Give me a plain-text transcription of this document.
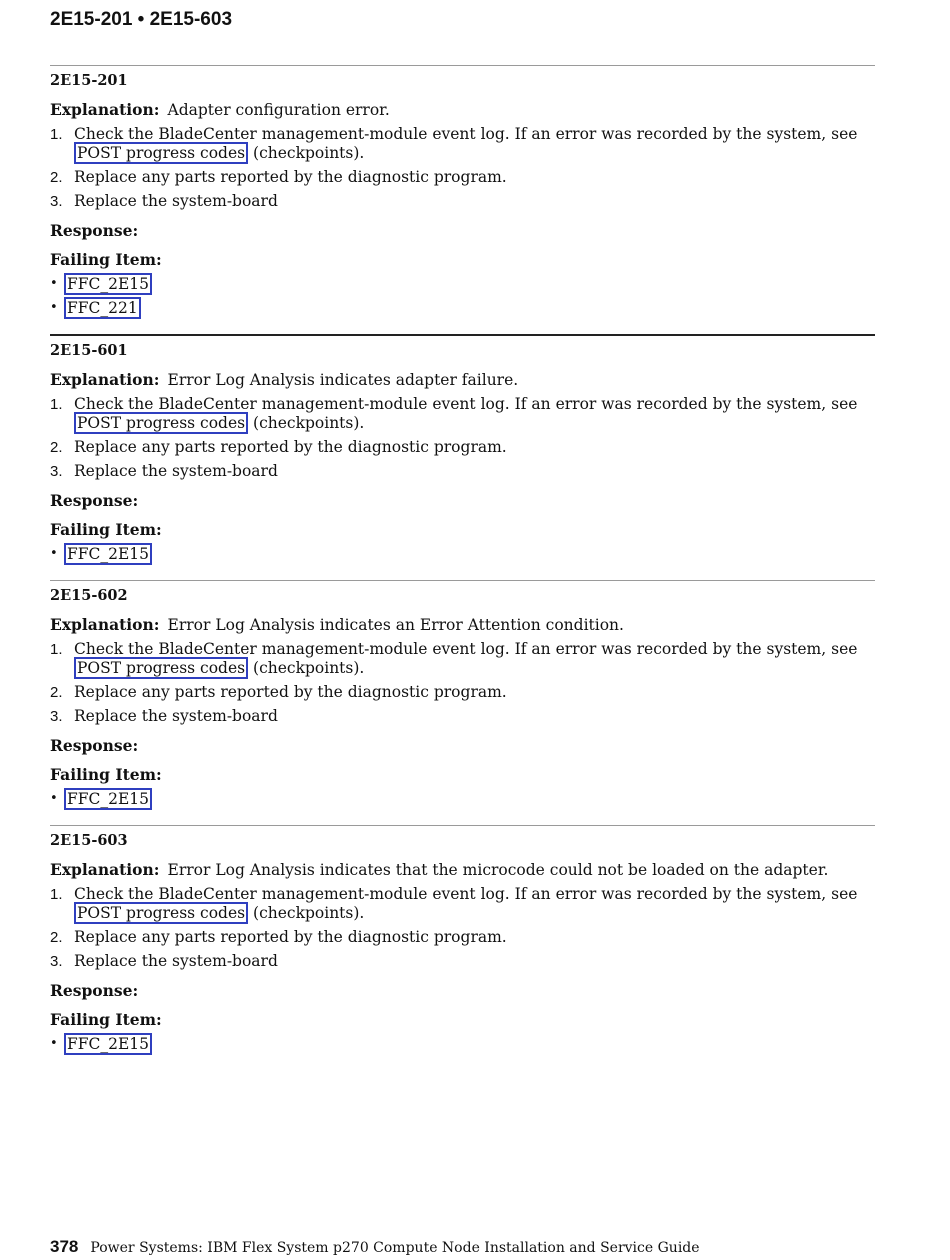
2E15-201 • 2E15-603
2E15-201
Explanation: Adapter configuration error.
1. Check the BladeCenter management-module event log. If an error was recorded by the system, see POST progress codes (checkpoints).
2. Replace any parts reported by the diagnostic program.
3. Replace the system-board
Response:
Failing Item:
• FFC_2E15
• FFC_221
2E15-601
Explanation: Error Log Analysis indicates adapter failure.
1. Check the BladeCenter management-module event log. If an error was recorded by the system, see POST progress codes (checkpoints).
2. Replace any parts reported by the diagnostic program.
3. Replace the system-board
Response:
Failing Item:
• FFC_2E15
2E15-602
Explanation: Error Log Analysis indicates an Error Attention condition.
1. Check the BladeCenter management-module event log. If an error was recorded by the system, see POST progress codes (checkpoints).
2. Replace any parts reported by the diagnostic program.
3. Replace the system-board
Response:
Failing Item:
• FFC_2E15
2E15-603
Explanation: Error Log Analysis indicates that the microcode could not be loaded on the adapter.
1. Check the BladeCenter management-module event log. If an error was recorded by the system, see POST progress codes (checkpoints).
2. Replace any parts reported by the diagnostic program.
3. Replace the system-board
Response:
Failing Item:
• FFC_2E15
378 Power Systems: IBM Flex System p270 Compute Node Installation and Service Guide
